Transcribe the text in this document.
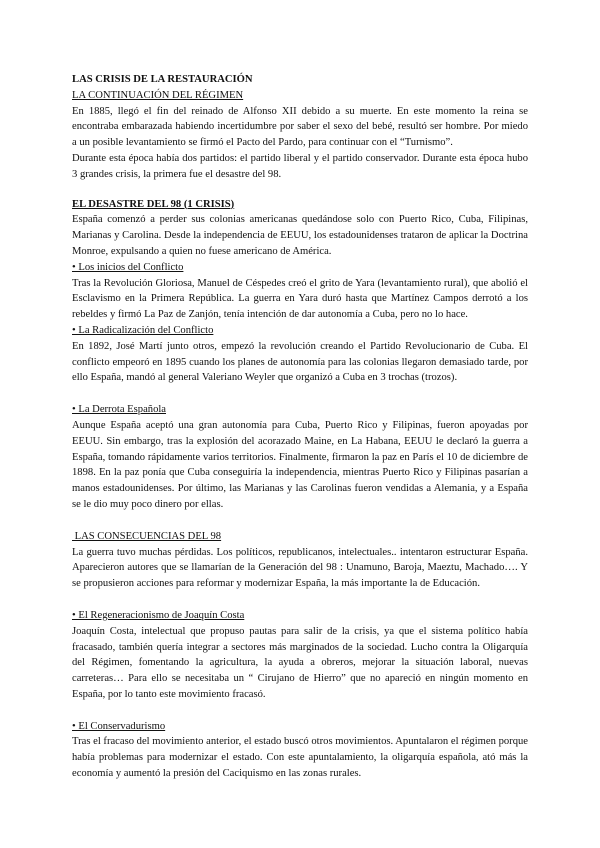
LAS CRISIS DE LA RESTAURACIÓN
LA CONTINUACIÓN DEL RÉGIMEN

En 1885, llegó el fin del reinado de Alfonso XII debido a su muerte. En este momento la reina se encontraba embarazada habiendo incertidumbre por saber el sexo del bebé, resultó ser hombre. Por miedo a un posible levantamiento se firmó el Pacto del Pardo, para continuar con el “Turnismo”.

Durante esta época había dos partidos: el partido liberal y el partido conservador. Durante esta época hubo 3 grandes crisis, la primera fue el desastre del 98.

EL DESASTRE DEL 98 (1 CRISIS)

España comenzó a perder sus colonias americanas quedándose solo con Puerto Rico, Cuba, Filipinas, Marianas y Carolina. Desde la independencia de EEUU, los estadounidenses trataron de aplicar la Doctrina Monroe, expulsando a quien no fuese americano de América.

• Los inicios del Conflicto

Tras la Revolución Gloriosa, Manuel de Céspedes creó el grito de Yara (levantamiento rural), que abolió el Esclavismo en la Primera República. La guerra en Yara duró hasta que Martínez Campos derrotó a los rebeldes y firmó La Paz de Zanjón, tenía intención de dar autonomía a Cuba, pero no lo hace.

• La Radicalización del Conflicto

En 1892, José Martí junto otros, empezó la revolución creando el Partido Revolucionario de Cuba. El conflicto empeoró en 1895 cuando los planes de autonomía para las colonias llegaron demasiado tarde, por ello España, mandó al general Valeriano Weyler que organizó a Cuba en 3 trochas (trozos).

• La Derrota Española

Aunque España aceptó una gran autonomía para Cuba, Puerto Rico y Filipinas, fueron apoyadas por EEUU. Sin embargo, tras la explosión del acorazado Maine, en La Habana, EEUU le declaró la guerra a España, tomando rápidamente varios territorios. Finalmente, firmaron la paz en París el 10 de diciembre de 1898. En la paz ponía que Cuba conseguiría la independencia, mientras Puerto Rico y Filipinas pasarían a manos estadounidenses. Por último, las Marianas y las Carolinas fueron vendidas a Alemania, y a España se le dio muy poco dinero por ellas.

LAS CONSECUENCIAS DEL 98

La guerra tuvo muchas pérdidas. Los políticos, republicanos, intelectuales.. intentaron estructurar España. Aparecieron autores que se llamarían de la Generación del 98 : Unamuno, Baroja, Maeztu, Machado…. Y se propusieron acciones para reformar y modernizar España, la más importante la de Educación.

• El Regeneracionismo de Joaquín Costa

Joaquín Costa, intelectual que propuso pautas para salir de la crisis, ya que el sistema político había fracasado, también quería integrar a sectores más marginados de la sociedad. Lucho contra la Oligarquía del Régimen, fomentando la agricultura, la ayuda a obreros, mejorar la situación laboral, nuevas carreteras… Para ello se necesitaba un “ Cirujano de Hierro” que no apareció en ningún momento en España, por lo tanto este movimiento fracasó.

• El Conservadurismo

Tras el fracaso del movimiento anterior, el estado buscó otros movimientos. Apuntalaron el régimen porque había problemas para modernizar el estado. Con este apuntalamiento, la oligarquía española, ató más la economía y aumentó la presión del Caciquismo en las zonas rurales.
